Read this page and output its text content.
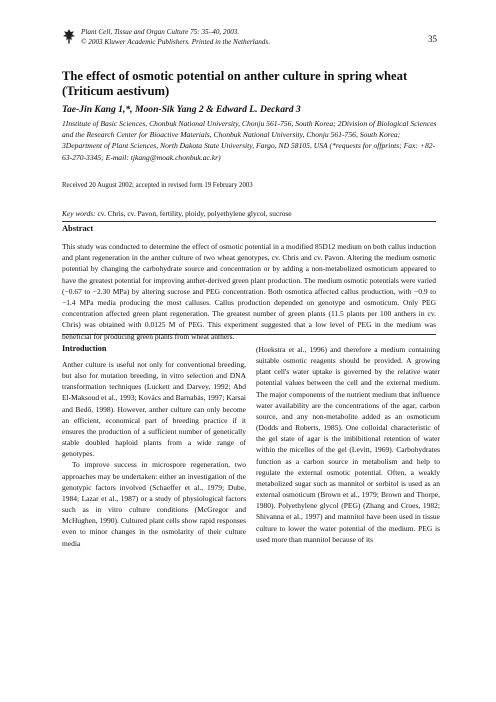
Plant Cell, Tissue and Organ Culture 75: 35–40, 2003.
© 2003 Kluwer Academic Publishers. Printed in the Netherlands.	35
The effect of osmotic potential on anther culture in spring wheat (Triticum aestivum)
Tae-Jin Kang 1,*, Moon-Sik Yang 2 & Edward L. Deckard 3
1Institute of Basic Sciences, Chonbuk National University, Chonju 561-756, South Korea; 2Division of Biological Sciences and the Research Center for Bioactive Materials, Chonbuk National University, Chonju 561-756, South Korea; 3Department of Plant Sciences, North Dakota State University, Fargo, ND 58105, USA (*requests for offprints; Fax: +82-63-270-3345; E-mail: tjkang@moak.chonbuk.ac.kr)
Received 20 August 2002; accepted in revised form 19 February 2003
Key words: cv. Chris, cv. Pavon, fertility, ploidy, polyethylene glycol, sucrose
Abstract
This study was conducted to determine the effect of osmotic potential in a modified 85D12 medium on both callus induction and plant regeneration in the anther culture of two wheat genotypes, cv. Chris and cv. Pavon. Altering the medium osmotic potential by changing the carbohydrate source and concentration or by adding a non-metabolized osmoticum appeared to have the greatest potential for improving anther-derived green plant production. The medium osmotic potentials were varied (−0.67 to −2.30 MPa) by altering sucrose and PEG concentration. Both osmotica affected callus production, with −0.9 to −1.4 MPa media producing the most calluses. Callus production depended on genotype and osmoticum. Only PEG concentration affected green plant regeneration. The greatest number of green plants (11.5 plants per 100 anthers in cv. Chris) was obtained with 0.0125 M of PEG. This experiment suggested that a low level of PEG in the medium was beneficial for producing green plants from wheat anthers.
Introduction

Anther culture is useful not only for conventional breeding, but also for mutation breeding, in vitro selection and DNA transformation techniques (Luckett and Darvey, 1992; Abd El-Maksoud et al., 1993; Kovács and Barnabás, 1997; Karsai and Bedő, 1998). However, anther culture can only become an efficient, economical part of breeding practice if it ensures the production of a sufficient number of genetically stable doubled haploid plants from a wide range of genotypes.

To improve success in microspore regeneration, two approaches may be undertaken: either an investigation of the genotypic factors involved (Schaeffer et al., 1979; Dube, 1984; Lazar et al., 1987) or a study of physiological factors such as in vitro culture conditions (McGregor and McHughen, 1990). Cultured plant cells show rapid responses even to minor changes in the osmolarity of their culture media

(Hoekstra et al., 1996) and therefore a medium containing suitable osmotic reagents should be provided. A growing plant cell's water uptake is governed by the relative water potential values between the cell and the external medium. The major components of the nutrient medium that influence water availability are the concentrations of the agar, carbon source, and any non-metabolite added as an osmoticum (Dodds and Roberts, 1985). One colloidal characteristic of the gel state of agar is the imbibitional retention of water within the micelles of the gel (Levitt, 1969). Carbohydrates function as a carbon source in metabolism and help to regulate the external osmotic potential. Often, a weakly metabolized sugar such as mannitol or sorbitol is used as an external osmoticum (Brown et al., 1979; Brown and Thorpe, 1980). Polyethylene glycol (PEG) (Zhang and Croes, 1982; Shivanna et al., 1997) and mannitol have been used in tissue culture to lower the water potential of the medium. PEG is used more than mannitol because of its
